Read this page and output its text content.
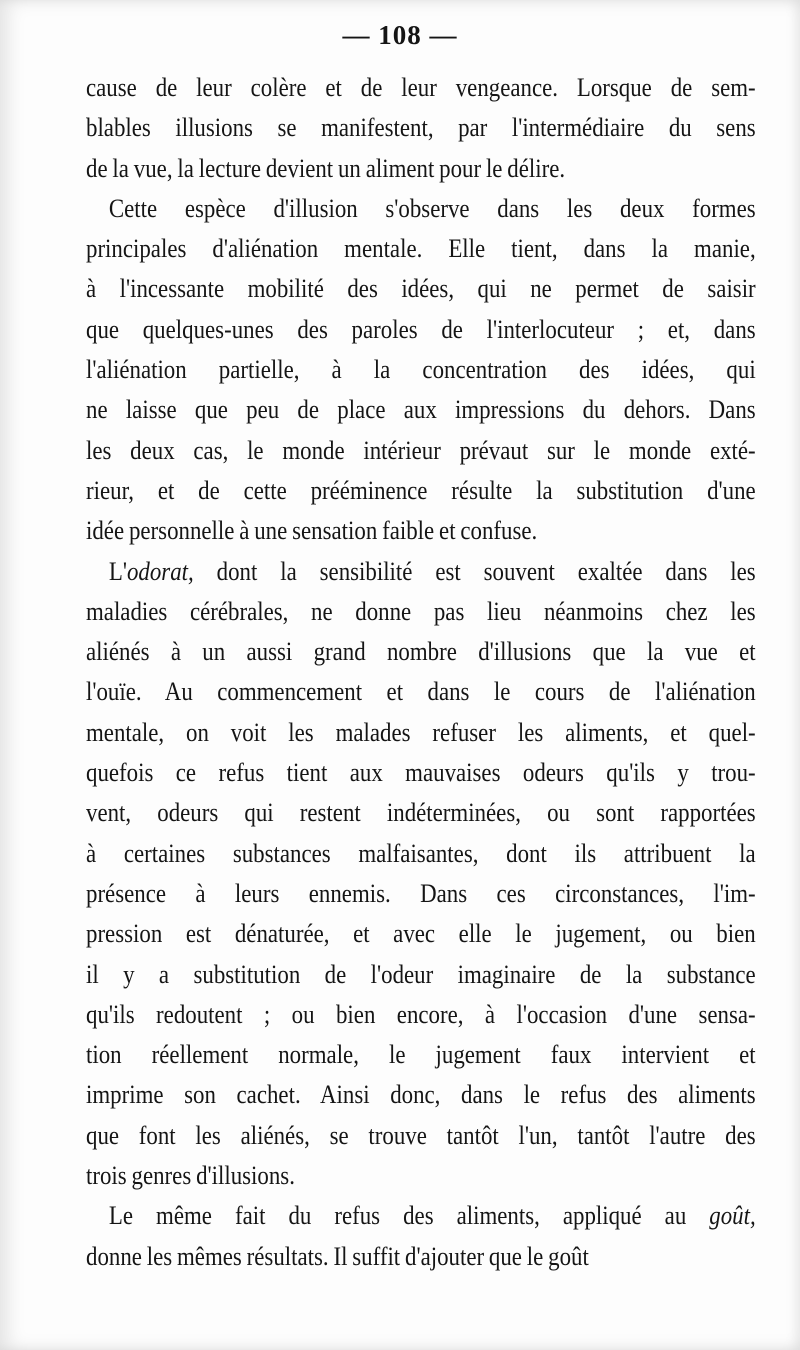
— 108 —
cause de leur colère et de leur vengeance. Lorsque de sem-
blables illusions se manifestent, par l'intermédiaire du sens
de la vue, la lecture devient un aliment pour le délire.
Cette espèce d'illusion s'observe dans les deux formes
principales d'aliénation mentale. Elle tient, dans la manie,
à l'incessante mobilité des idées, qui ne permet de saisir
que quelques-unes des paroles de l'interlocuteur ; et, dans
l'aliénation partielle, à la concentration des idées, qui
ne laisse que peu de place aux impressions du dehors. Dans
les deux cas, le monde intérieur prévaut sur le monde exté-
rieur, et de cette prééminence résulte la substitution d'une
idée personnelle à une sensation faible et confuse.
L'odorat, dont la sensibilité est souvent exaltée dans les
maladies cérébrales, ne donne pas lieu néanmoins chez les
aliénés à un aussi grand nombre d'illusions que la vue et
l'ouïe. Au commencement et dans le cours de l'aliénation
mentale, on voit les malades refuser les aliments, et quel-
quefois ce refus tient aux mauvaises odeurs qu'ils y trou-
vent, odeurs qui restent indéterminées, ou sont rapportées
à certaines substances malfaisantes, dont ils attribuent la
présence à leurs ennemis. Dans ces circonstances, l'im-
pression est dénaturée, et avec elle le jugement, ou bien
il y a substitution de l'odeur imaginaire de la substance
qu'ils redoutent ; ou bien encore, à l'occasion d'une sensa-
tion réellement normale, le jugement faux intervient et
imprime son cachet. Ainsi donc, dans le refus des aliments
que font les aliénés, se trouve tantôt l'un, tantôt l'autre des
trois genres d'illusions.
Le même fait du refus des aliments, appliqué au goût,
donne les mêmes résultats. Il suffit d'ajouter que le goût
